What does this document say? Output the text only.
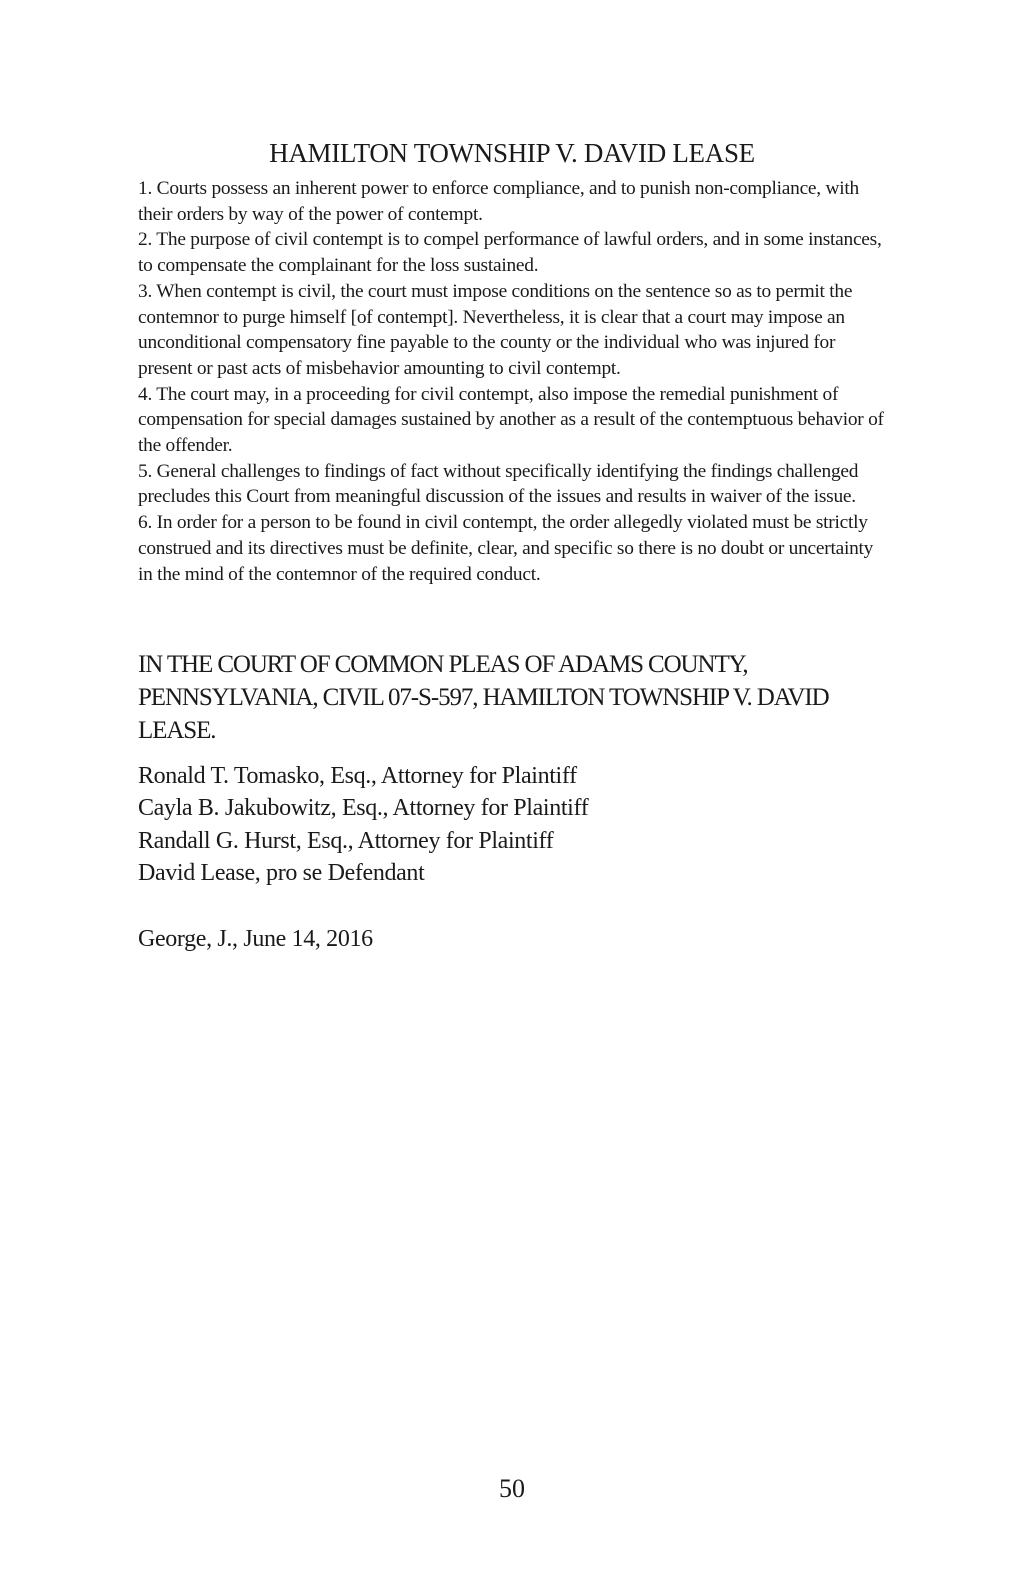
HAMILTON TOWNSHIP V. DAVID LEASE
1. Courts possess an inherent power to enforce compliance, and to punish non-compliance, with their orders by way of the power of contempt.
2. The purpose of civil contempt is to compel performance of lawful orders, and in some instances, to compensate the complainant for the loss sustained.
3. When contempt is civil, the court must impose conditions on the sentence so as to permit the contemnor to purge himself [of contempt]. Nevertheless, it is clear that a court may impose an unconditional compensatory fine payable to the county or the individual who was injured for present or past acts of misbehavior amounting to civil contempt.
4. The court may, in a proceeding for civil contempt, also impose the remedial punishment of compensation for special damages sustained by another as a result of the contemptuous behavior of the offender.
5. General challenges to findings of fact without specifically identifying the findings challenged precludes this Court from meaningful discussion of the issues and results in waiver of the issue.
6. In order for a person to be found in civil contempt, the order allegedly violated must be strictly construed and its directives must be definite, clear, and specific so there is no doubt or uncertainty in the mind of the contemnor of the required conduct.

IN THE COURT OF COMMON PLEAS OF ADAMS COUNTY, PENNSYLVANIA, CIVIL 07-S-597, HAMILTON TOWNSHIP V. DAVID LEASE.

Ronald T. Tomasko, Esq., Attorney for Plaintiff
Cayla B. Jakubowitz, Esq., Attorney for Plaintiff
Randall G. Hurst, Esq., Attorney for Plaintiff
David Lease, pro se Defendant

George, J., June 14, 2016

50
